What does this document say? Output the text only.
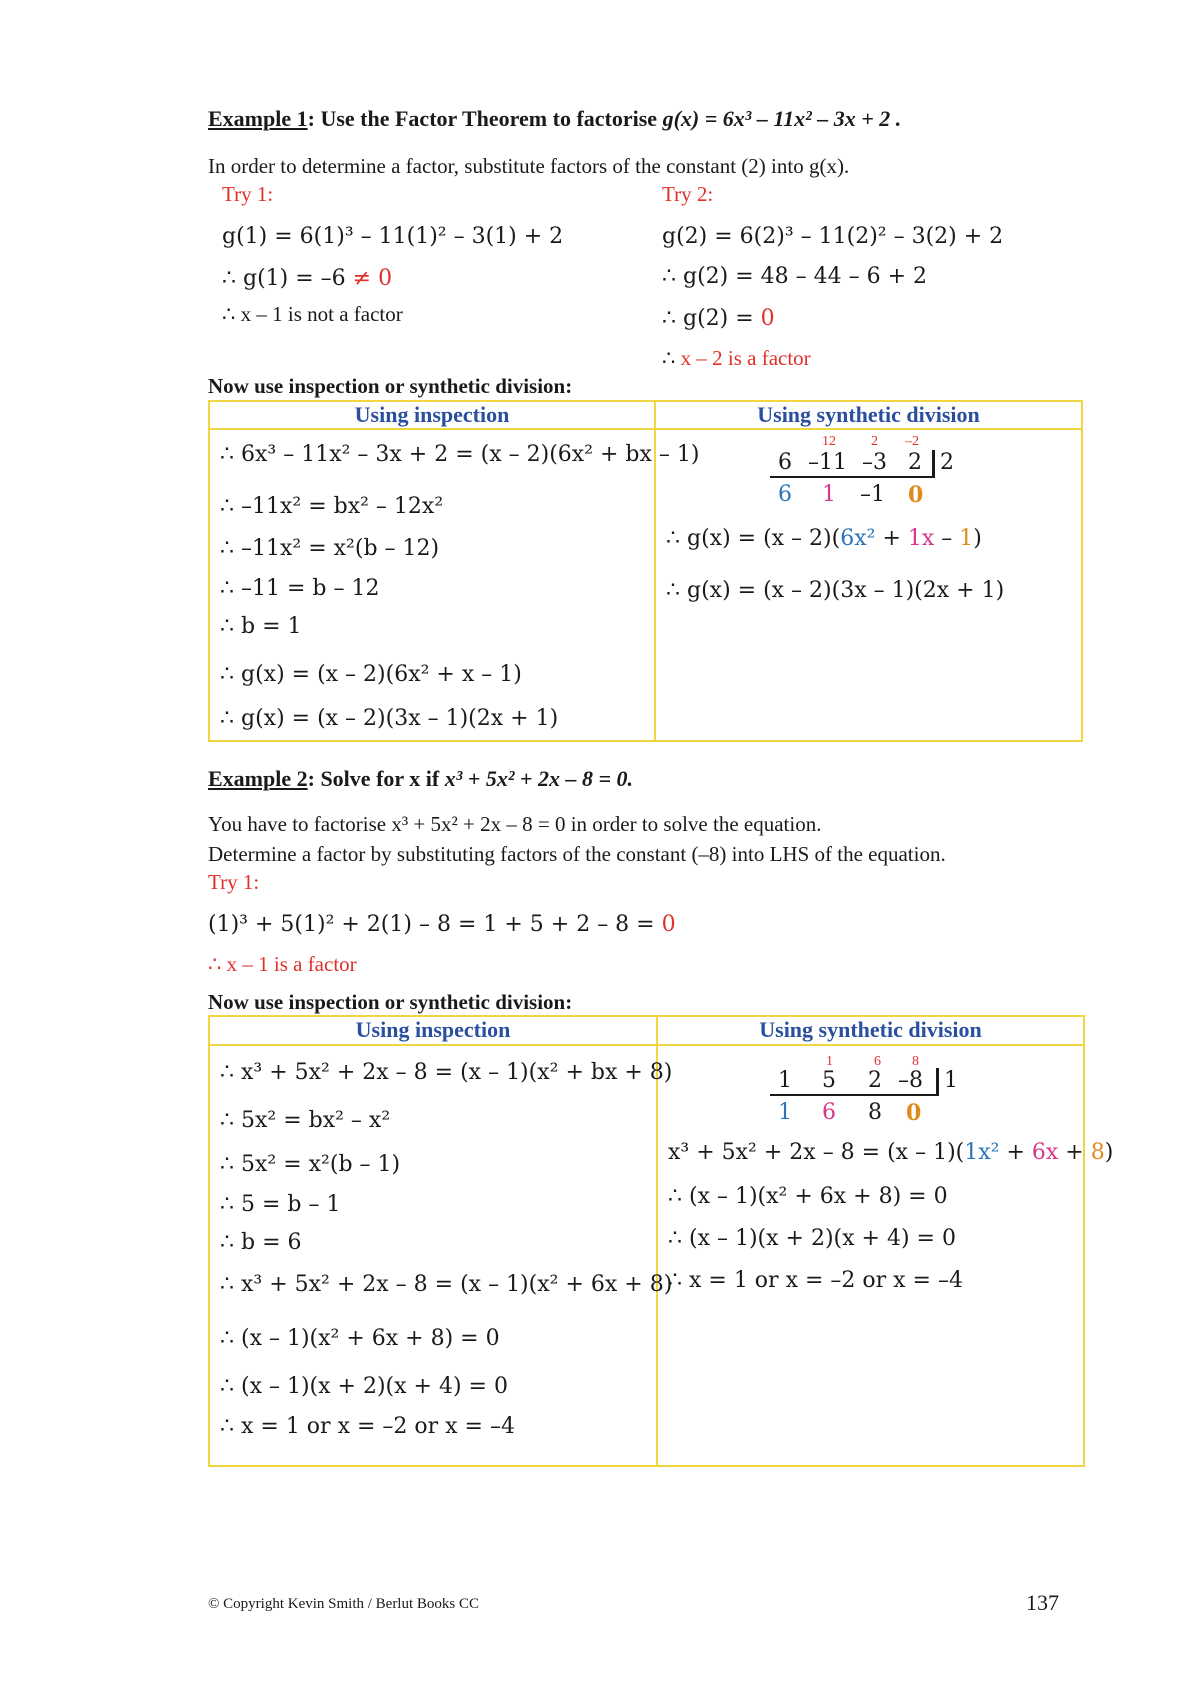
Example 1: Use the Factor Theorem to factorise g(x) = 6x³ – 11x² – 3x + 2 .
In order to determine a factor, substitute factors of the constant (2) into g(x).
Try 1:	Try 2:
g(1) = 6(1)³ – 11(1)² – 3(1) + 2
∴ g(1) = –6 ≠ 0
∴ x – 1 is not a factor
g(2) = 6(2)³ – 11(2)² – 3(2) + 2
∴ g(2) = 48 – 44 – 6 + 2
∴ g(2) = 0
∴ x – 2 is a factor
Now use inspection or synthetic division:
Using inspection	Using synthetic division
∴ 6x³ – 11x² – 3x + 2 = (x – 2)(6x² + bx – 1)
∴ –11x² = bx² – 12x²
∴ –11x² = x²(b – 12)
∴ –11 = b – 12
∴ b = 1
∴ g(x) = (x – 2)(6x² + x – 1)
∴ g(x) = (x – 2)(3x – 1)(2x + 1)
12	2 –2
6 –11 –3 2 2
6 1 –1 0
∴ g(x) = (x – 2)(6x² + 1x – 1)
∴ g(x) = (x – 2)(3x – 1)(2x + 1)
Example 2: Solve for x if x³ + 5x² + 2x – 8 = 0.
You have to factorise x³ + 5x² + 2x – 8 = 0 in order to solve the equation.
Determine a factor by substituting factors of the constant (–8) into LHS of the equation.
Try 1:
(1)³ + 5(1)² + 2(1) – 8 = 1 + 5 + 2 – 8 = 0
∴ x – 1 is a factor
Now use inspection or synthetic division:
Using inspection	Using synthetic division
∴ x³ + 5x² + 2x – 8 = (x – 1)(x² + bx + 8)
∴ 5x² = bx² – x²
∴ 5x² = x²(b – 1)
∴ 5 = b – 1
∴ b = 6
∴ x³ + 5x² + 2x – 8 = (x – 1)(x² + 6x + 8)
∴ (x – 1)(x² + 6x + 8) = 0
∴ (x – 1)(x + 2)(x + 4) = 0
∴ x = 1 or x = –2 or x = –4
1	6 8
1 5 2 –8 1
1 6 8 0
x³ + 5x² + 2x – 8 = (x – 1)(1x² + 6x + 8)
∴ (x – 1)(x² + 6x + 8) = 0
∴ (x – 1)(x + 2)(x + 4) = 0
∴ x = 1 or x = –2 or x = –4
© Copyright Kevin Smith / Berlut Books CC	137
